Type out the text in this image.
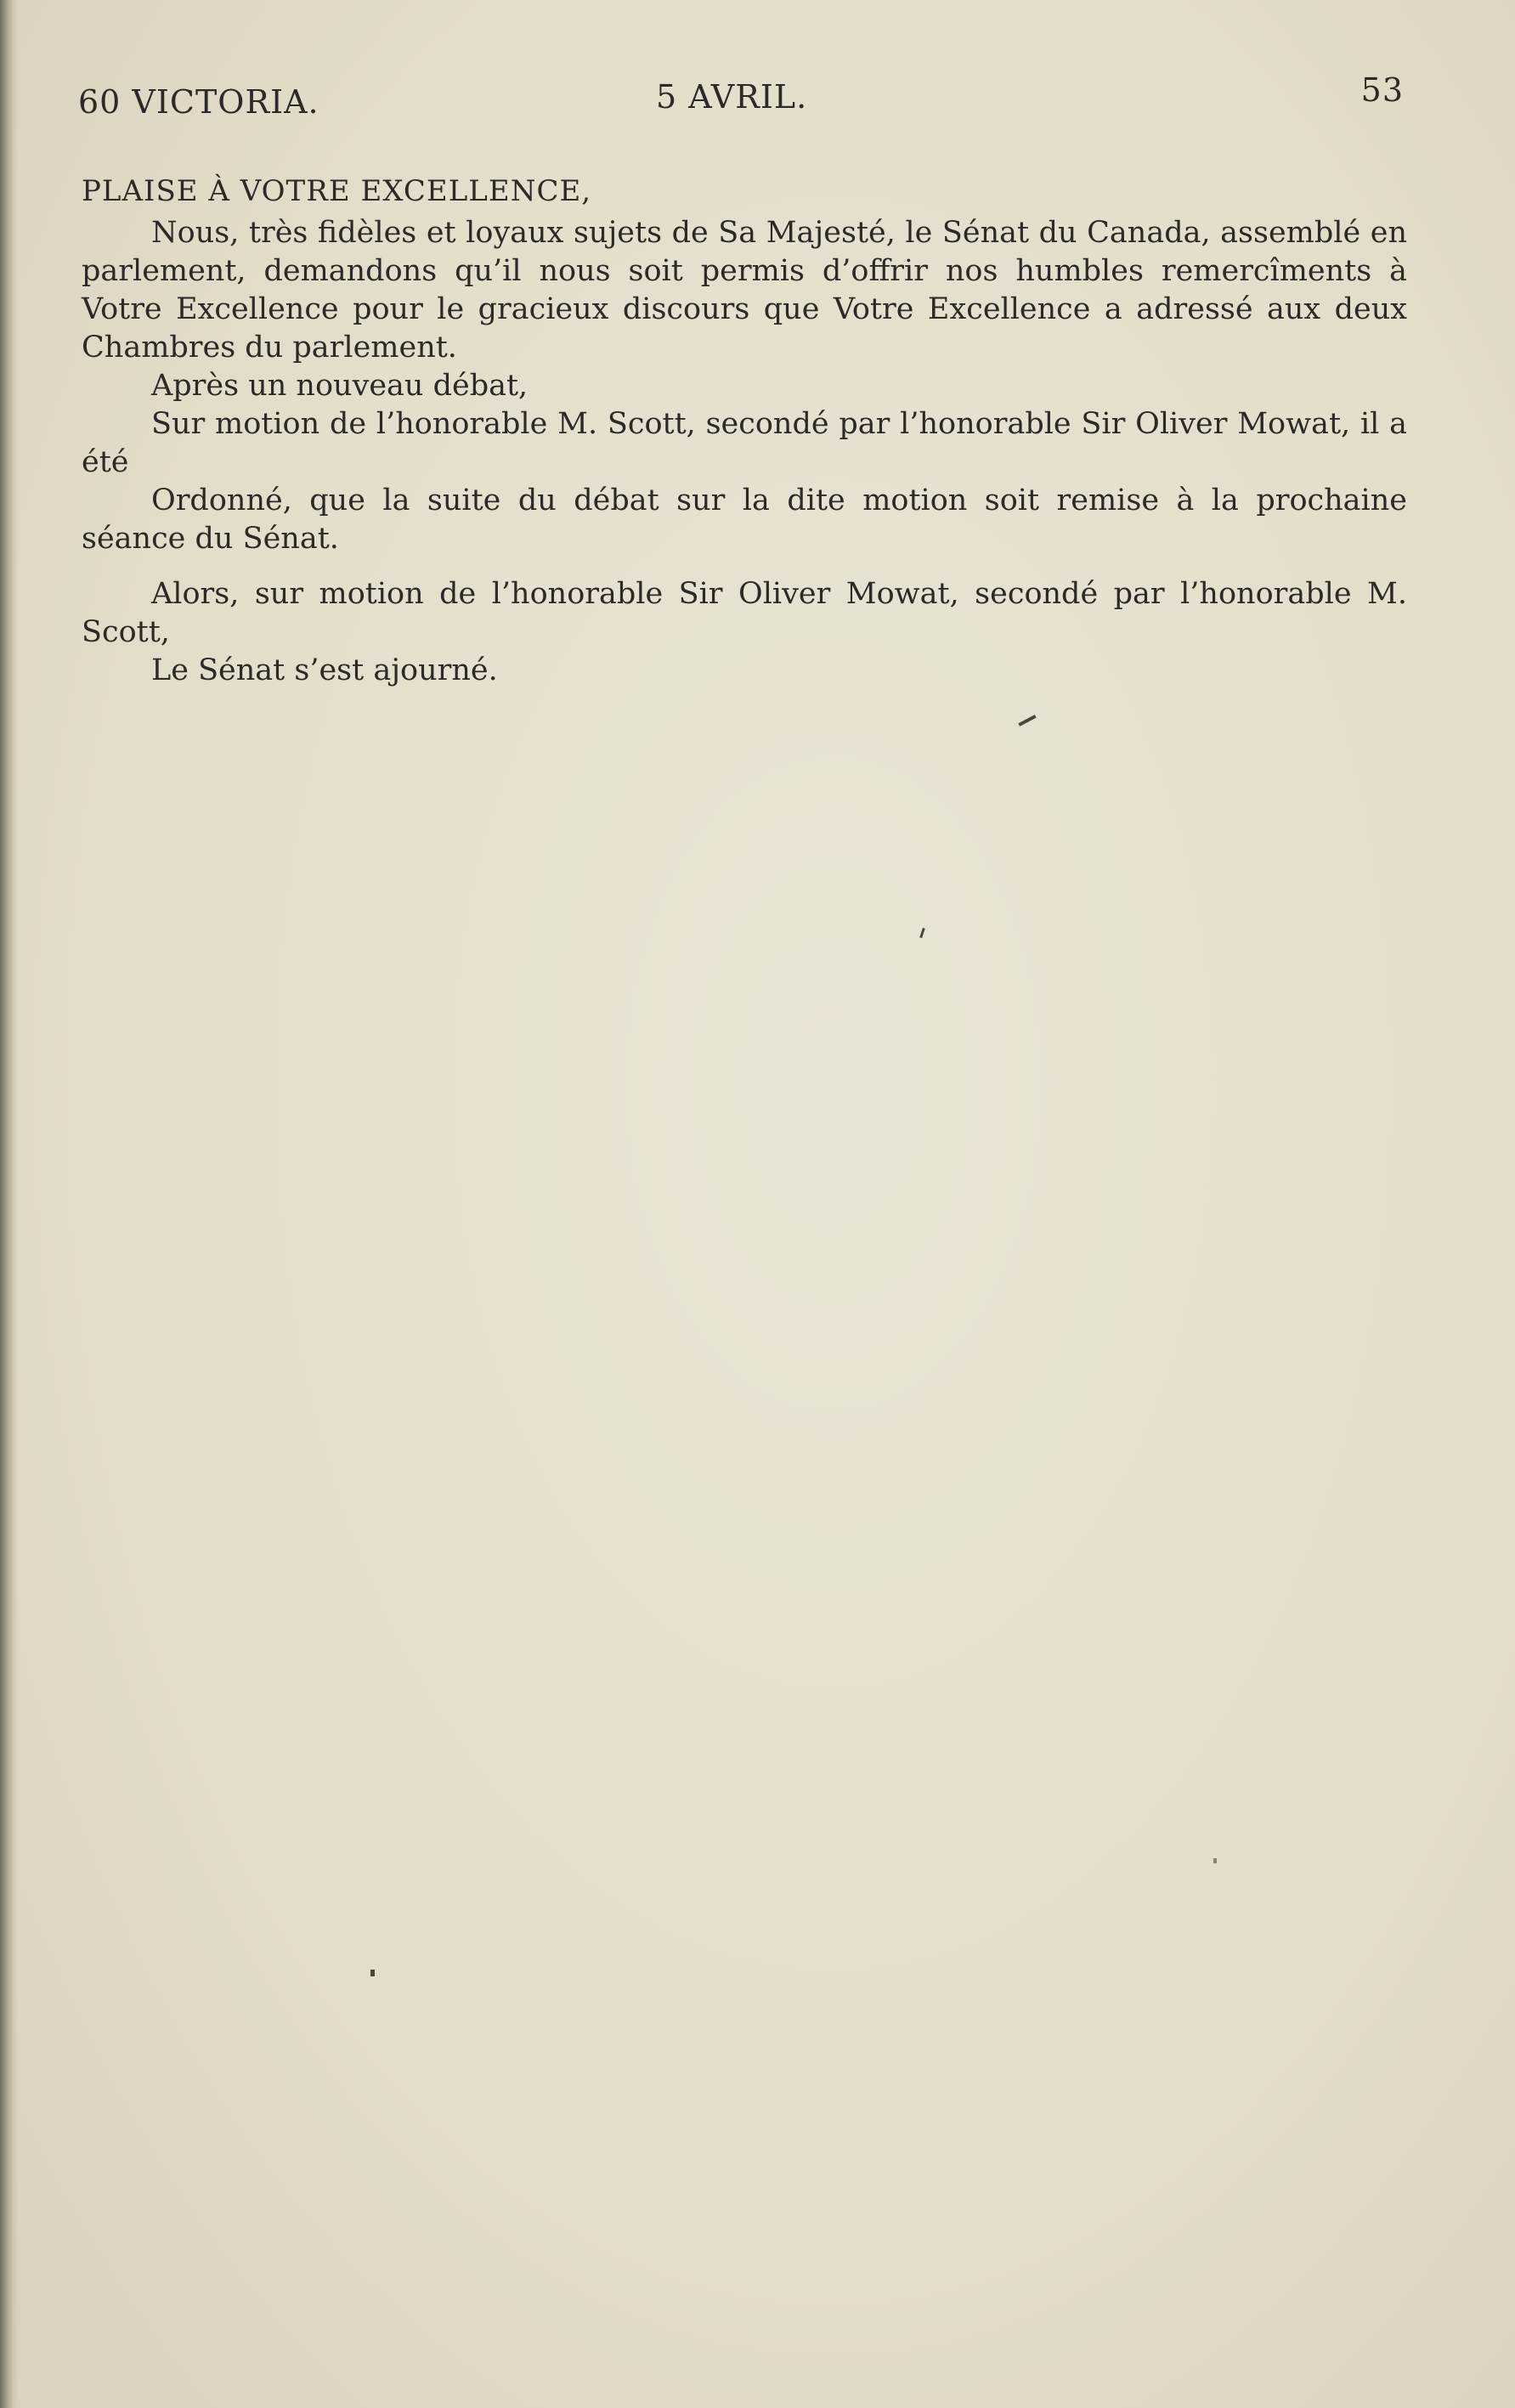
60 VICTORIA.	5 AVRIL.	53
PLAISE À VOTRE EXCELLENCE,

Nous, très fidèles et loyaux sujets de Sa Majesté, le Sénat du Canada, assemblé en parlement, demandons qu’il nous soit permis d’offrir nos humbles remercîments à Votre Excellence pour le gracieux discours que Votre Excellence a adressé aux deux Chambres du parlement.

Après un nouveau débat,

Sur motion de l’honorable M. Scott, secondé par l’honorable Sir Oliver Mowat, il a été

Ordonné, que la suite du débat sur la dite motion soit remise à la prochaine séance du Sénat.

Alors, sur motion de l’honorable Sir Oliver Mowat, secondé par l’honorable M. Scott,

Le Sénat s’est ajourné.
